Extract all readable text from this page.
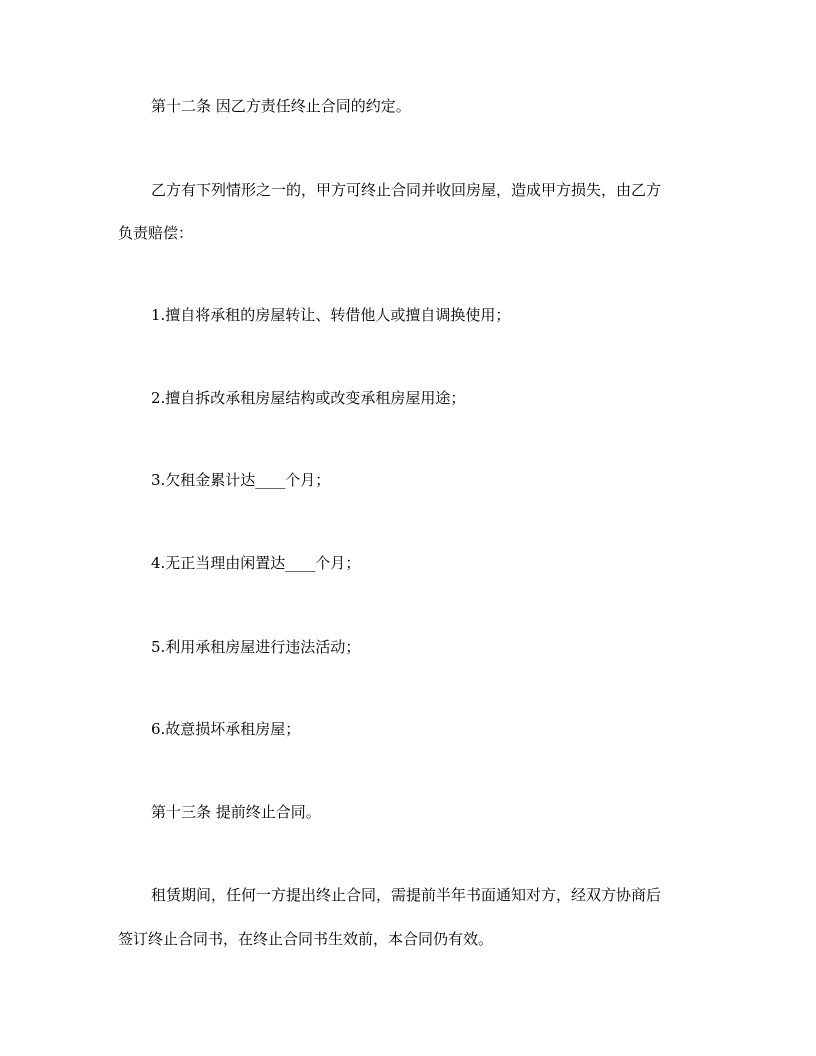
第十二条 因乙方责任终止合同的约定。
乙方有下列情形之一的，甲方可终止合同并收回房屋，造成甲方损失，由乙方
负责赔偿：
1.擅自将承租的房屋转让、转借他人或擅自调换使用；
2.擅自拆改承租房屋结构或改变承租房屋用途；
3.欠租金累计达____个月；
4.无正当理由闲置达____个月；
5.利用承租房屋进行违法活动；
6.故意损坏承租房屋；
第十三条 提前终止合同。
租赁期间，任何一方提出终止合同，需提前半年书面通知对方，经双方协商后
签订终止合同书，在终止合同书生效前，本合同仍有效。
